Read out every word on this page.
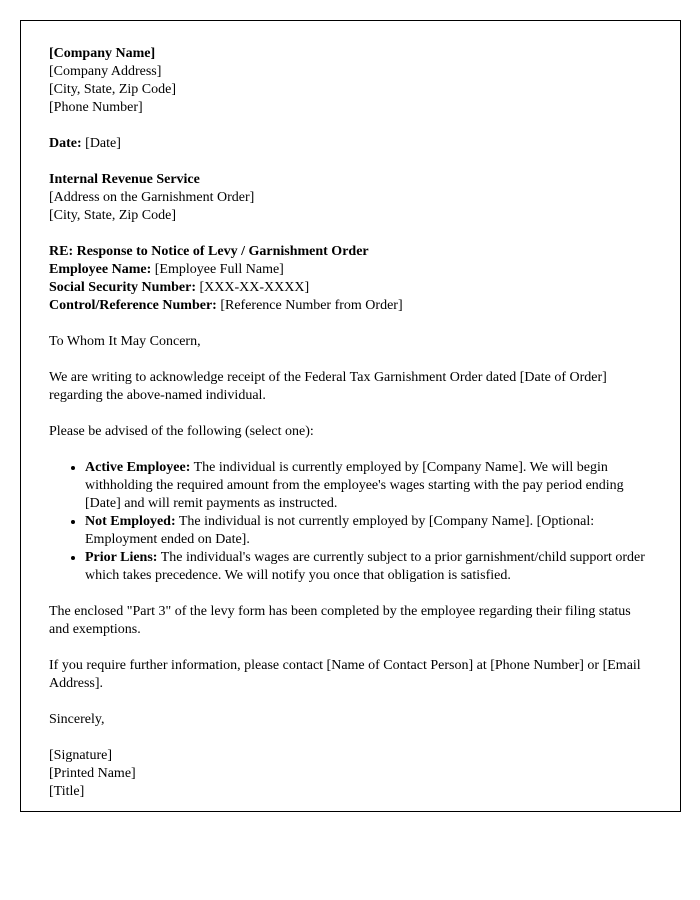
[Company Name]
[Company Address]
[City, State, Zip Code]
[Phone Number]
Date: [Date]
Internal Revenue Service
[Address on the Garnishment Order]
[City, State, Zip Code]
RE: Response to Notice of Levy / Garnishment Order
Employee Name: [Employee Full Name]
Social Security Number: [XXX-XX-XXXX]
Control/Reference Number: [Reference Number from Order]

To Whom It May Concern,

We are writing to acknowledge receipt of the Federal Tax Garnishment Order dated [Date of Order] regarding the above-named individual.

Please be advised of the following (select one):

• Active Employee: The individual is currently employed by [Company Name]. We will begin withholding the required amount from the employee's wages starting with the pay period ending [Date] and will remit payments as instructed.
• Not Employed: The individual is not currently employed by [Company Name]. [Optional: Employment ended on Date].
• Prior Liens: The individual's wages are currently subject to a prior garnishment/child support order which takes precedence. We will notify you once that obligation is satisfied.

The enclosed "Part 3" of the levy form has been completed by the employee regarding their filing status and exemptions.

If you require further information, please contact [Name of Contact Person] at [Phone Number] or [Email Address].

Sincerely,

[Signature]
[Printed Name]
[Title]
